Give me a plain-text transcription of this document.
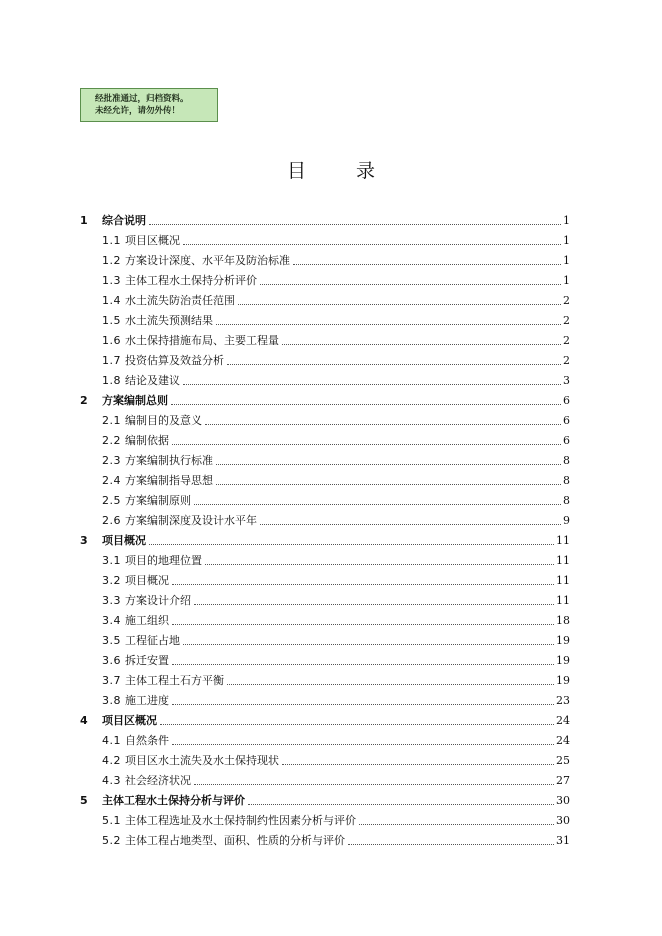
经批准通过，归档资料。
未经允许，请勿外传！
目 录
1	综合说明	1
1.1 项目区概况	1
1.2 方案设计深度、水平年及防治标准	1
1.3 主体工程水土保持分析评价	1
1.4 水土流失防治责任范围	2
1.5 水土流失预测结果	2
1.6 水土保持措施布局、主要工程量	2
1.7 投资估算及效益分析	2
1.8 结论及建议	3
2	方案编制总则	6
2.1 编制目的及意义	6
2.2 编制依据	6
2.3 方案编制执行标准	8
2.4 方案编制指导思想	8
2.5 方案编制原则	8
2.6 方案编制深度及设计水平年	9
3	项目概况	11
3.1 项目的地理位置	11
3.2 项目概况	11
3.3 方案设计介绍	11
3.4 施工组织	18
3.5 工程征占地	19
3.6 拆迁安置	19
3.7 主体工程土石方平衡	19
3.8 施工进度	23
4	项目区概况	24
4.1 自然条件	24
4.2 项目区水土流失及水土保持现状	25
4.3 社会经济状况	27
5	主体工程水土保持分析与评价	30
5.1 主体工程选址及水土保持制约性因素分析与评价	30
5.2 主体工程占地类型、面积、性质的分析与评价	31
